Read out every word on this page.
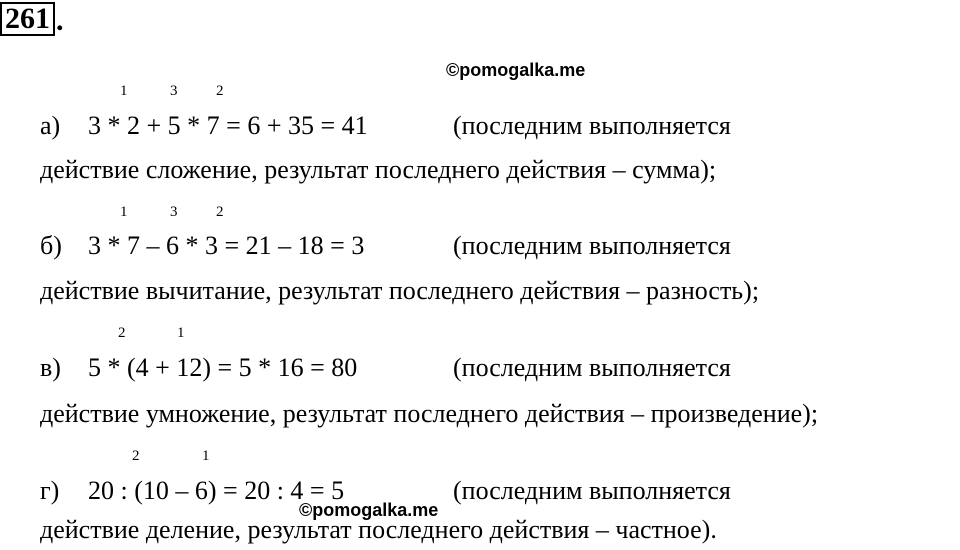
261 .
©pomogalka.me
1	3	2
а) 3 * 2 + 5 * 7 = 6 + 35 = 41	(последним выполняется
действие сложение, результат последнего действия – сумма);
1	3	2
б) 3 * 7 – 6 * 3 = 21 – 18 = 3	(последним выполняется
действие вычитание, результат последнего действия – разность);
2	1
в) 5 * (4 + 12) = 5 * 16 = 80	(последним выполняется
действие умножение, результат последнего действия – произведение);
2	1
г) 20 : (10 – 6) = 20 : 4 = 5	(последним выполняется
действие деление, результат последнего действия – частное).
©pomogalka.me
